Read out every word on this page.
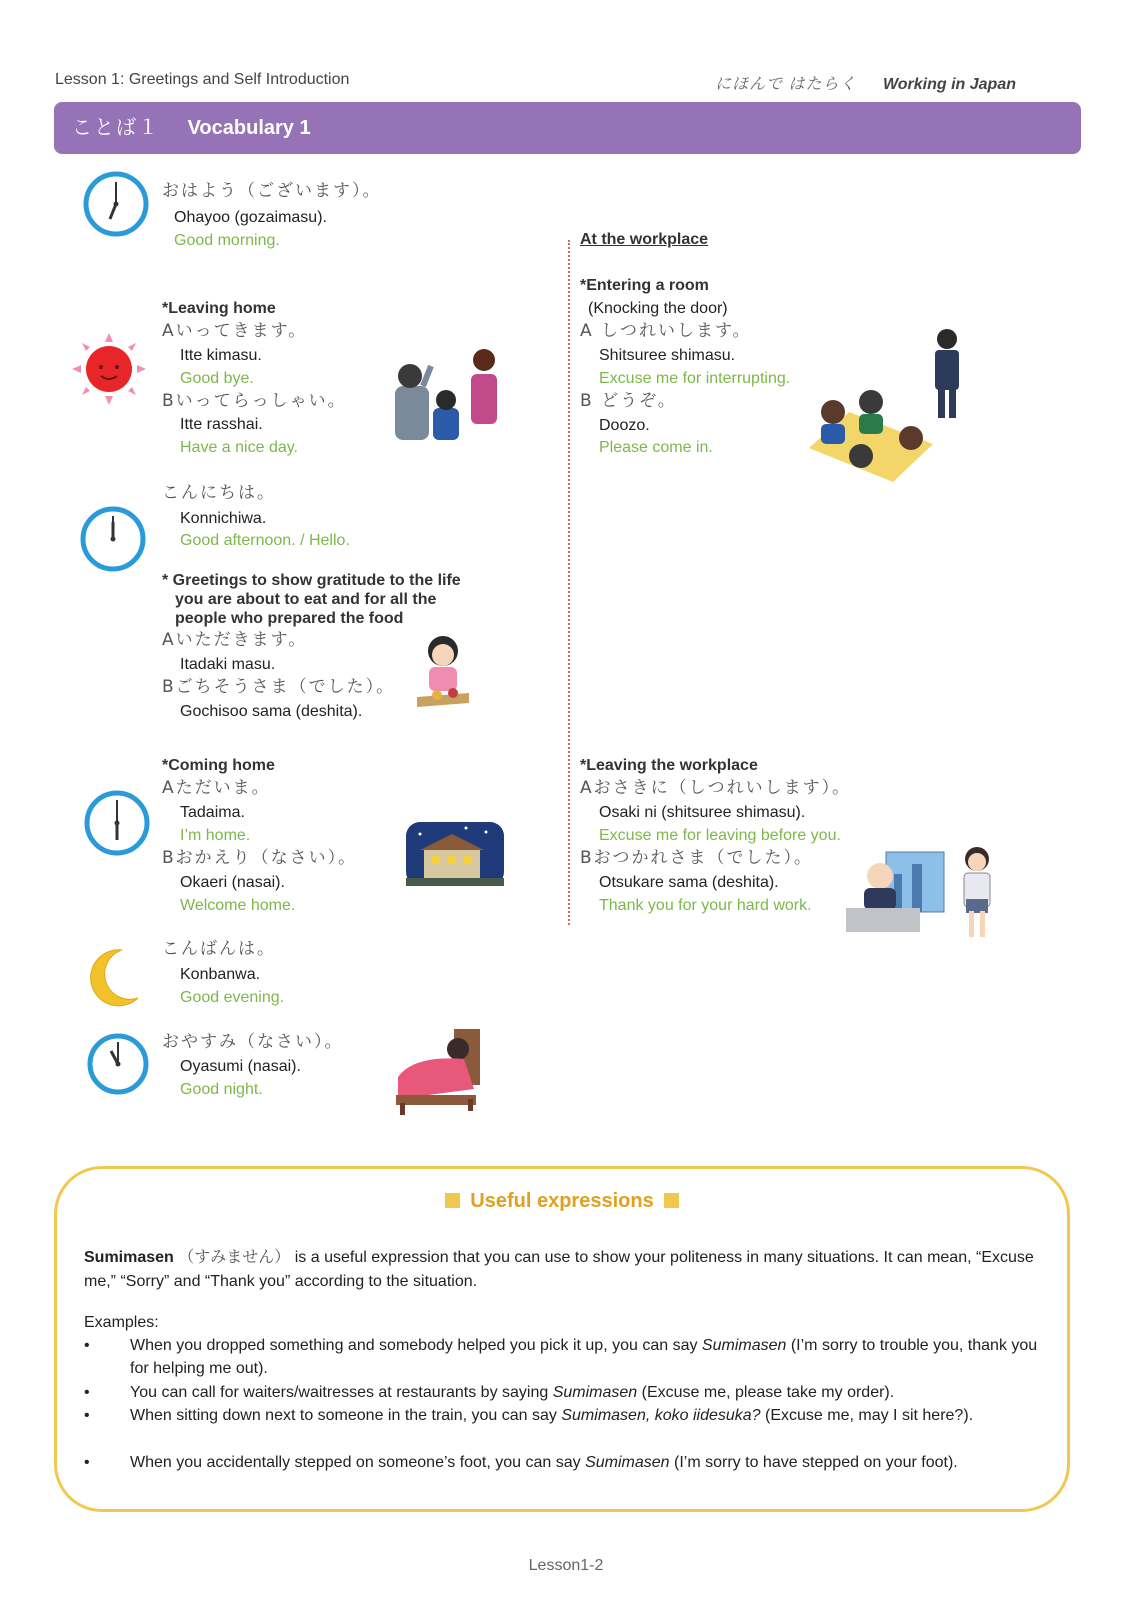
Lesson 1: Greetings and Self Introduction	にほんで はたらく Working in Japan
ことば１ Vocabulary 1
おはよう（ございます）。
Ohayoo (gozaimasu).
Good morning.
*Leaving home
Aいってきます。
Itte kimasu.
Good bye.
Bいってらっしゃい。
Itte rasshai.
Have a nice day.
こんにちは。
Konnichiwa.
Good afternoon. / Hello.
* Greetings to show gratitude to the life
you are about to eat and for all the
people who prepared the food
Aいただきます。
Itadaki masu.
Bごちそうさま（でした）。
Gochisoo sama (deshita).
*Coming home
Aただいま。
Tadaima.
I’m home.
Bおかえり（なさい）。
Okaeri (nasai).
Welcome home.
こんばんは。
Konbanwa.
Good evening.
おやすみ（なさい）。
Oyasumi (nasai).
Good night.
At the workplace
*Entering a room
(Knocking the door)
A しつれいします。
Shitsuree shimasu.
Excuse me for interrupting.
B どうぞ。
Doozo.
Please come in.
*Leaving the workplace
Aおさきに（しつれいします）。
Osaki ni (shitsuree shimasu).
Excuse me for leaving before you.
Bおつかれさま（でした）。
Otsukare sama (deshita).
Thank you for your hard work.
Useful expressions
Sumimasen （すみません） is a useful expression that you can use to show your politeness in many situations. It can mean, “Excuse me,” “Sorry” and “Thank you” according to the situation.
Examples:
•	When you dropped something and somebody helped you pick it up, you can say Sumimasen (I’m sorry to trouble you, thank you for helping me out).
•	You can call for waiters/waitresses at restaurants by saying Sumimasen (Excuse me, please take my order).
•	When sitting down next to someone in the train, you can say Sumimasen, koko iidesuka? (Excuse me, may I sit here?).
•	When you accidentally stepped on someone’s foot, you can say Sumimasen (I’m sorry to have stepped on your foot).
Lesson1-2
